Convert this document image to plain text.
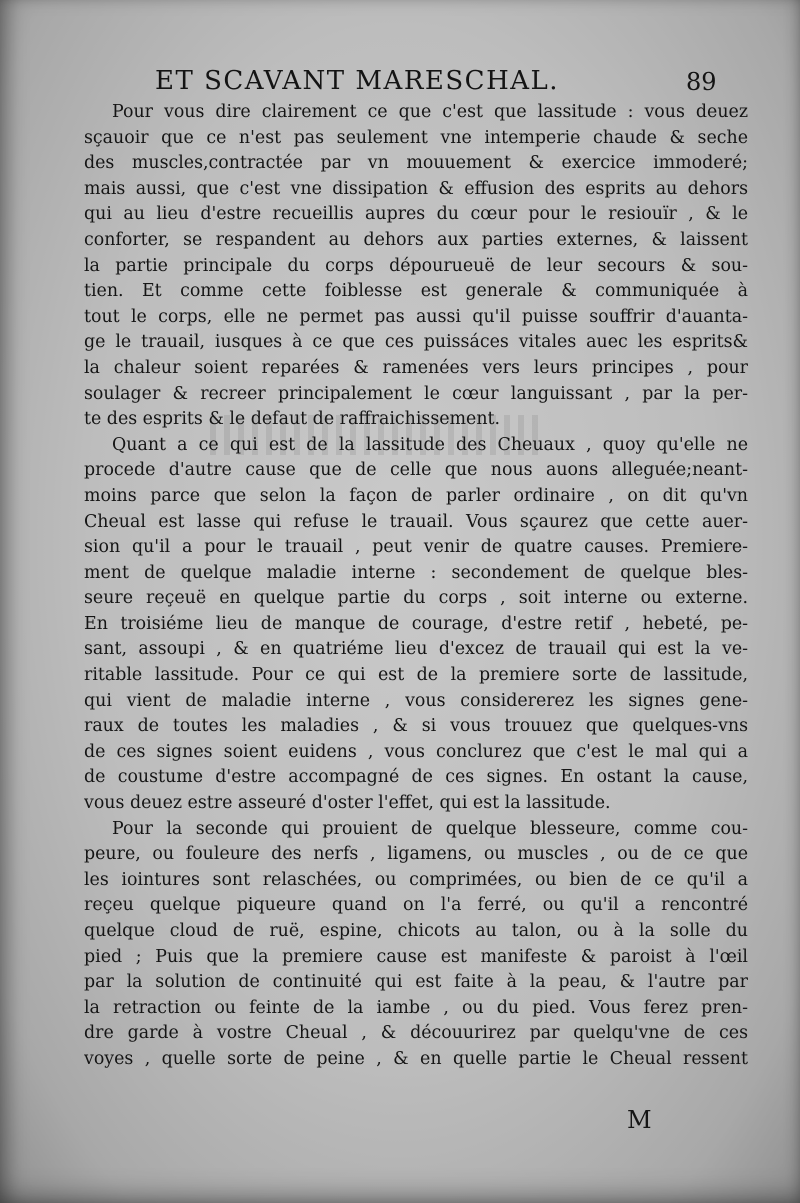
ET SCAVANT MARESCHAL.	89
Pour vous dire clairement ce que c'est que lassitude : vous deuez
sçauoir que ce n'est pas seulement vne intemperie chaude & seche
des muscles,contractée par vn mouuement & exercice immoderé;
mais aussi, que c'est vne dissipation & effusion des esprits au dehors
qui au lieu d'estre recueillis aupres du cœur pour le resiouïr , & le
conforter, se respandent au dehors aux parties externes, & laissent
la partie principale du corps dépourueuë de leur secours & sou-
tien. Et comme cette foiblesse est generale & communiquée à
tout le corps, elle ne permet pas aussi qu'il puisse souffrir d'auanta-
ge le trauail, iusques à ce que ces puissáces vitales auec les esprits&
la chaleur soient reparées & ramenées vers leurs principes , pour
soulager & recreer principalement le cœur languissant , par la per-
te des esprits & le defaut de raffraichissement.
Quant a ce qui est de la lassitude des Cheuaux , quoy qu'elle ne
procede d'autre cause que de celle que nous auons alleguée;neant-
moins parce que selon la façon de parler ordinaire , on dit qu'vn
Cheual est lasse qui refuse le trauail. Vous sçaurez que cette auer-
sion qu'il a pour le trauail , peut venir de quatre causes. Premiere-
ment de quelque maladie interne : secondement de quelque bles-
seure reçeuë en quelque partie du corps , soit interne ou externe.
En troisiéme lieu de manque de courage, d'estre retif , hebeté, pe-
sant, assoupi , & en quatriéme lieu d'excez de trauail qui est la ve-
ritable lassitude. Pour ce qui est de la premiere sorte de lassitude,
qui vient de maladie interne , vous considererez les signes gene-
raux de toutes les maladies , & si vous trouuez que quelques-vns
de ces signes soient euidens , vous conclurez que c'est le mal qui a
de coustume d'estre accompagné de ces signes. En ostant la cause,
vous deuez estre asseuré d'oster l'effet, qui est la lassitude.
Pour la seconde qui prouient de quelque blesseure, comme cou-
peure, ou fouleure des nerfs , ligamens, ou muscles , ou de ce que
les iointures sont relaschées, ou comprimées, ou bien de ce qu'il a
reçeu quelque piqueure quand on l'a ferré, ou qu'il a rencontré
quelque cloud de ruë, espine, chicots au talon, ou à la solle du
pied ; Puis que la premiere cause est manifeste & paroist à l'œil
par la solution de continuité qui est faite à la peau, & l'autre par
la retraction ou feinte de la iambe , ou du pied. Vous ferez pren-
dre garde à vostre Cheual , & découurirez par quelqu'vne de ces
voyes , quelle sorte de peine , & en quelle partie le Cheual ressent
M
